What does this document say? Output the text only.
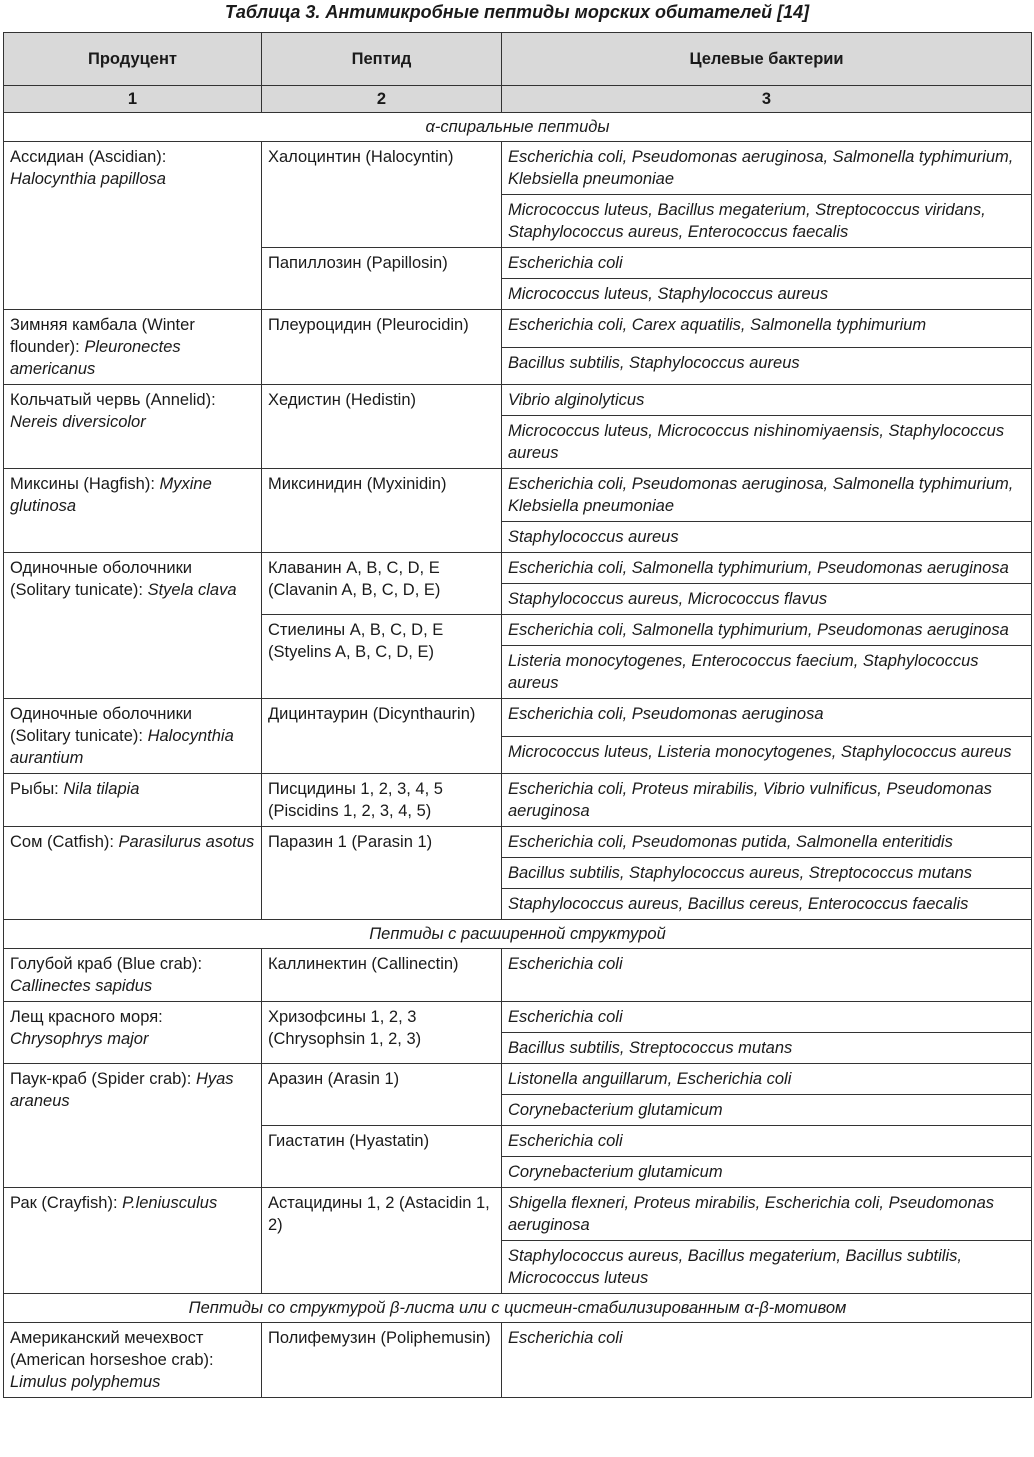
Таблица 3. Антимикробные пептиды морских обитателей [14]
Продуцент	Пептид	Целевые бактерии
1	2	3
α-спиральные пептиды		
Ассидиан (Ascidian): Halocynthia papillosa	Халоцинтин (Halocyntin)	Escherichia coli, Pseudomonas aeruginosa, Salmonella typhimurium, Klebsiella pneumoniae
		Micrococcus luteus, Bacillus megaterium, Streptococcus viridans, Staphylococcus aureus, Enterococcus faecalis
	Папиллозин (Papillosin)	Escherichia coli
		Micrococcus luteus, Staphylococcus aureus
Зимняя камбала (Winter flounder): Pleuronectes americanus	Плеуроцидин (Pleurocidin)	Escherichia coli, Carex aquatilis, Salmonella typhimurium
		Bacillus subtilis, Staphylococcus aureus
Кольчатый червь (Annelid): Nereis diversicolor	Хедистин (Hedistin)	Vibrio alginolyticus
		Micrococcus luteus, Micrococcus nishinomiyaensis, Staphylococcus aureus
Миксины (Hagfish): Myxine glutinosa	Миксинидин (Myxinidin)	Escherichia coli, Pseudomonas aeruginosa, Salmonella typhimurium, Klebsiella pneumoniae
		Staphylococcus aureus
Одиночные оболочники (Solitary tunicate): Styela clava	Клаванин A, B, C, D, E (Clavanin A, B, C, D, E)	Escherichia coli, Salmonella typhimurium, Pseudomonas aeruginosa
		Staphylococcus aureus, Micrococcus flavus
	Стиелины A, B, C, D, E (Styelins A, B, C, D, E)	Escherichia coli, Salmonella typhimurium, Pseudomonas aeruginosa
		Listeria monocytogenes, Enterococcus faecium, Staphylococcus aureus
Одиночные оболочники (Solitary tunicate): Halocynthia aurantium	Дицинтаурин (Dicynthaurin)	Escherichia coli, Pseudomonas aeruginosa
		Micrococcus luteus, Listeria monocytogenes, Staphylococcus aureus
Рыбы: Nila tilapia	Писцидины 1, 2, 3, 4, 5 (Piscidins 1, 2, 3, 4, 5)	Escherichia coli, Proteus mirabilis, Vibrio vulnificus, Pseudomonas aeruginosa
Сом (Catfish): Parasilurus asotus	Паразин 1 (Parasin 1)	Escherichia coli, Pseudomonas putida, Salmonella enteritidis
		Bacillus subtilis, Staphylococcus aureus, Streptococcus mutans
		Staphylococcus aureus, Bacillus cereus, Enterococcus faecalis
Пептиды с расширенной структурой		
Голубой краб (Blue crab): Callinectes sapidus	Каллинектин (Callinectin)	Escherichia coli
Лещ красного моря: Chrysophrys major	Хризофсины 1, 2, 3 (Chrysophsin 1, 2, 3)	Escherichia coli
		Bacillus subtilis, Streptococcus mutans
Паук-краб (Spider crab): Hyas araneus	Аразин (Arasin 1)	Listonella anguillarum, Escherichia coli
		Corynebacterium glutamicum
	Гиастатин (Hyastatin)	Escherichia coli
		Corynebacterium glutamicum
Рак (Crayfish): P.leniusculus	Астацидины 1, 2 (Astacidin 1, 2)	Shigella flexneri, Proteus mirabilis, Escherichia coli, Pseudomonas aeruginosa
		Staphylococcus aureus, Bacillus megaterium, Bacillus subtilis, Micrococcus luteus
Пептиды со структурой β-листа или с цистеин-стабилизированным α-β-мотивом		
Американский мечехвост (American horseshoe crab): Limulus polyphemus	Полифемузин (Poliphemusin)	Escherichia coli
